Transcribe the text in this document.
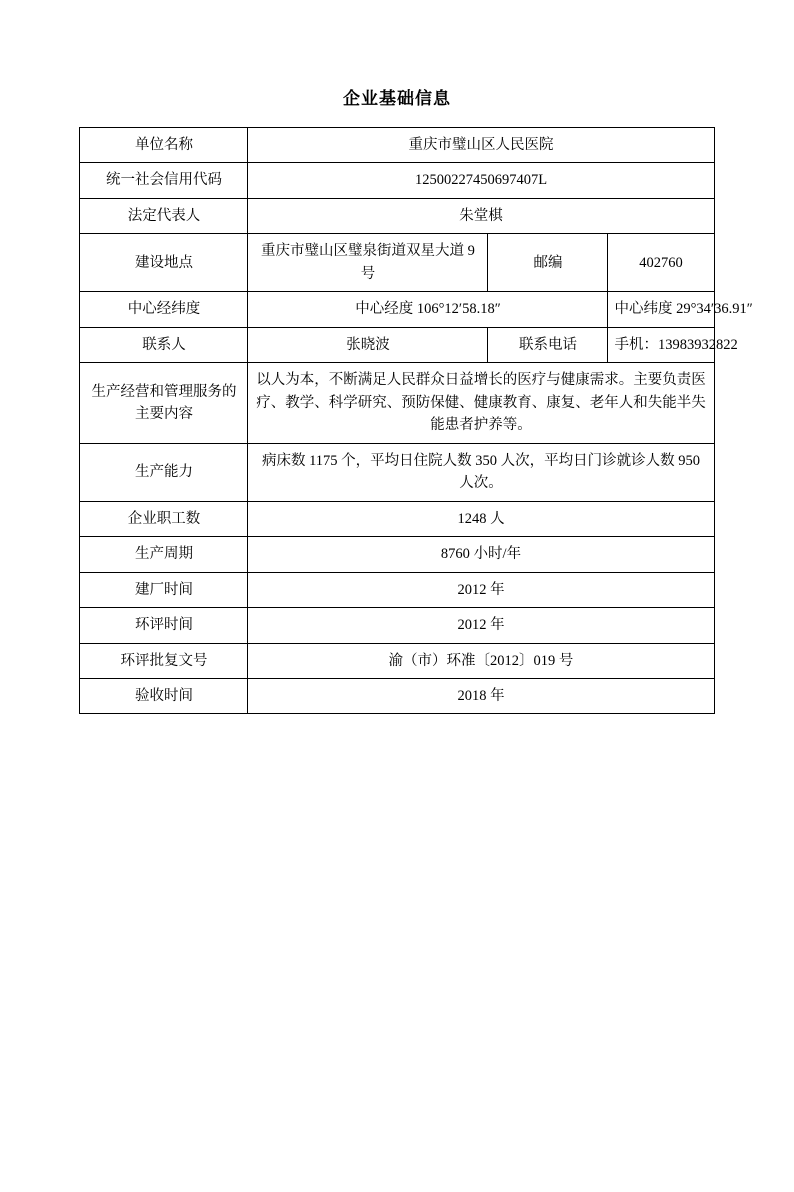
企业基础信息
单位名称	重庆市璧山区人民医院		
统一社会信用代码	12500227450697407L		
法定代表人	朱堂棋		
建设地点	重庆市璧山区璧泉街道双星大道 9 号	邮编	402760
中心经纬度	中心经度 106°12′58.18″		中心纬度 29°34′36.91″
联系人	张晓波	联系电话	手机：13983932822
生产经营和管理服务的主要内容	以人为本，不断满足人民群众日益增长的医疗与健康需求。主要负责医疗、教学、科学研究、预防保健、健康教育、康复、老年人和失能半失能患者护养等。		
生产能力	病床数 1175 个，平均日住院人数 350 人次，平均日门诊就诊人数 950 人次。		
企业职工数	1248 人		
生产周期	8760 小时/年		
建厂时间	2012 年		
环评时间	2012 年		
环评批复文号	渝（市）环准〔2012〕019 号		
验收时间	2018 年		
